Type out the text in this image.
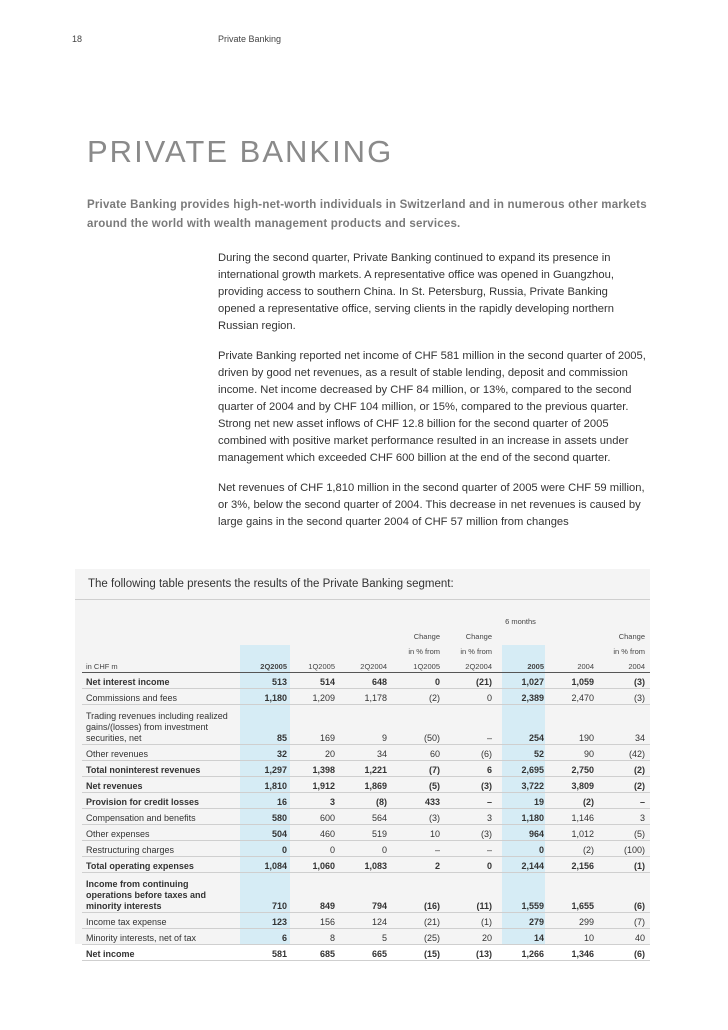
18	Private Banking
PRIVATE BANKING
Private Banking provides high-net-worth individuals in Switzerland and in numerous other markets around the world with wealth management products and services.

During the second quarter, Private Banking continued to expand its presence in international growth markets. A representative office was opened in Guangzhou, providing access to southern China. In St. Petersburg, Russia, Private Banking opened a representative office, serving clients in the rapidly developing northern Russian region.

Private Banking reported net income of CHF 581 million in the second quarter of 2005, driven by good net revenues, as a result of stable lending, deposit and commission income. Net income decreased by CHF 84 million, or 13%, compared to the second quarter of 2004 and by CHF 104 million, or 15%, compared to the previous quarter. Strong net new asset inflows of CHF 12.8 billion for the second quarter of 2005 combined with positive market performance resulted in an increase in assets under management which exceeded CHF 600 billion at the end of the second quarter.

Net revenues of CHF 1,810 million in the second quarter of 2005 were CHF 59 million, or 3%, below the second quarter of 2004. This decrease in net revenues is caused by large gains in the second quarter 2004 of CHF 57 million from changes

The following table presents the results of the Private Banking segment:
						6 months		
				Change	Change			Change
				in % from	in % from			in % from
in CHF m	2Q2005	1Q2005	2Q2004	1Q2005	2Q2004	2005	2004	2004
Net interest income	513	514	648	0	(21)	1,027	1,059	(3)
Commissions and fees	1,180	1,209	1,178	(2)	0	2,389	2,470	(3)
Trading revenues including realized gains/(losses) from investment securities, net	85	169	9	(50)	–	254	190	34
Other revenues	32	20	34	60	(6)	52	90	(42)
Total noninterest revenues	1,297	1,398	1,221	(7)	6	2,695	2,750	(2)
Net revenues	1,810	1,912	1,869	(5)	(3)	3,722	3,809	(2)
Provision for credit losses	16	3	(8)	433	–	19	(2)	–
Compensation and benefits	580	600	564	(3)	3	1,180	1,146	3
Other expenses	504	460	519	10	(3)	964	1,012	(5)
Restructuring charges	0	0	0	–	–	0	(2)	(100)
Total operating expenses	1,084	1,060	1,083	2	0	2,144	2,156	(1)
Income from continuing operations before taxes and minority interests	710	849	794	(16)	(11)	1,559	1,655	(6)
Income tax expense	123	156	124	(21)	(1)	279	299	(7)
Minority interests, net of tax	6	8	5	(25)	20	14	10	40
Net income	581	685	665	(15)	(13)	1,266	1,346	(6)
